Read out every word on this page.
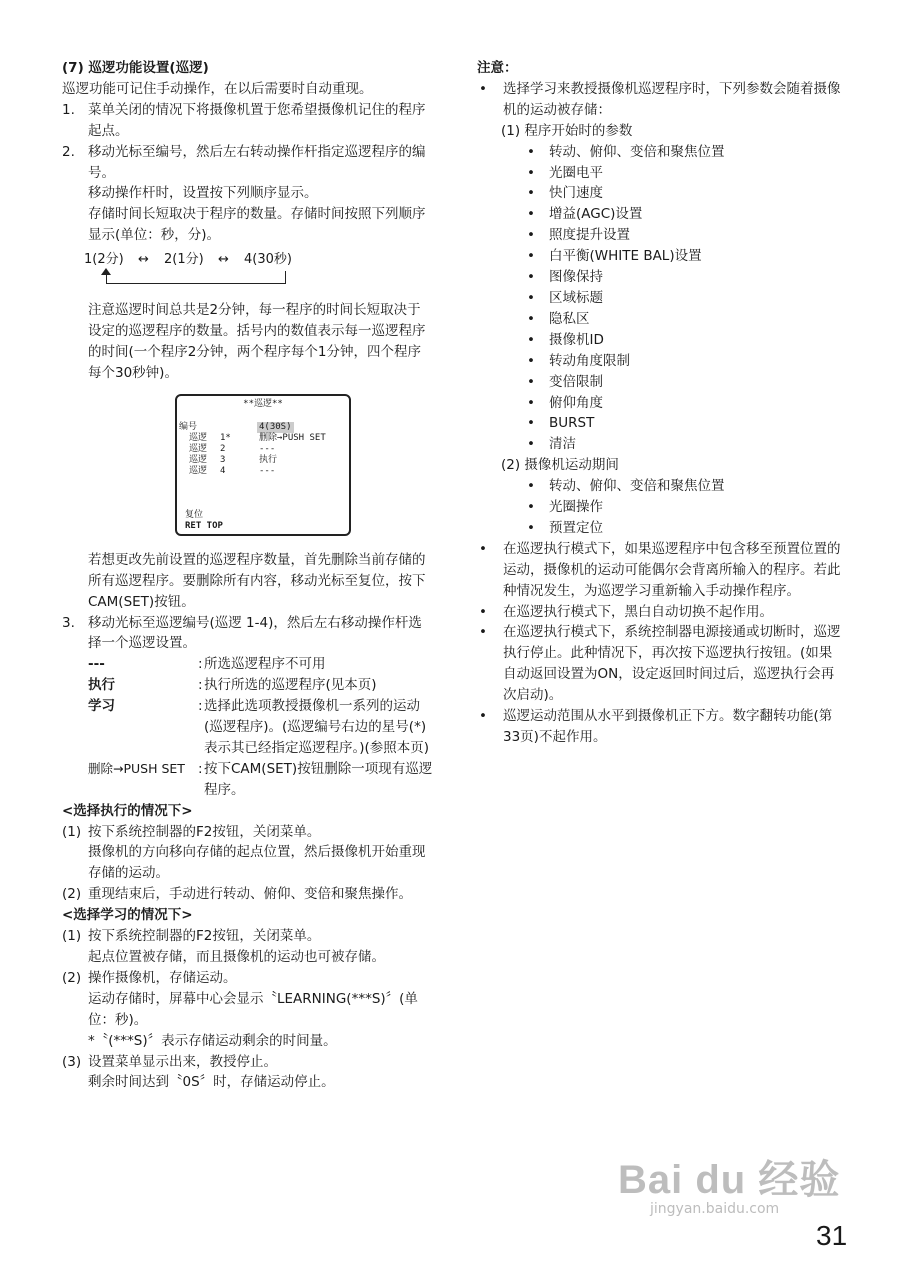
(7) 巡逻功能设置(巡逻)

巡逻功能可记住手动操作，在以后需要时自动重现。

1. 菜单关闭的情况下将摄像机置于您希望摄像机记住的程序起点。

2. 移动光标至编号，然后左右转动操作杆指定巡逻程序的编号。

移动操作杆时，设置按下列顺序显示。

存储时间长短取决于程序的数量。存储时间按照下列顺序显示(单位：秒，分)。

1(2分) ↔ 2(1分) ↔ 4(30秒)

注意巡逻时间总共是2分钟，每一程序的时间长短取决于设定的巡逻程序的数量。括号内的数值表示每一巡逻程序的时间(一个程序2分钟，两个程序每个1分钟，四个程序每个30秒钟)。

**巡逻**
编号	4(30S)
巡逻 1*	删除→PUSH SET
巡逻 2	---
巡逻 3	执行
巡逻 4	---
复位
RET TOP

若想更改先前设置的巡逻程序数量，首先删除当前存储的所有巡逻程序。要删除所有内容，移动光标至复位，按下CAM(SET)按钮。

3. 移动光标至巡逻编号(巡逻 1-4)，然后左右移动操作杆选择一个巡逻设置。

---	: 所选巡逻程序不可用

执行	: 执行所选的巡逻程序(见本页)

学习	: 选择此选项教授摄像机一系列的运动(巡逻程序)。(巡逻编号右边的星号(*)表示其已经指定巡逻程序。)(参照本页)

删除→PUSH SET : 按下CAM(SET)按钮删除一项现有巡逻程序。

<选择执行的情况下>

(1) 按下系统控制器的F2按钮，关闭菜单。

摄像机的方向移向存储的起点位置，然后摄像机开始重现存储的运动。

(2) 重现结束后，手动进行转动、俯仰、变倍和聚焦操作。

<选择学习的情况下>

(1) 按下系统控制器的F2按钮，关闭菜单。

起点位置被存储，而且摄像机的运动也可被存储。

(2) 操作摄像机，存储运动。

运动存储时，屏幕中心会显示〝LEARNING(***S)〞(单位：秒)。

*〝(***S)〞表示存储运动剩余的时间量。

(3) 设置菜单显示出来，教授停止。

剩余时间达到〝0S〞时，存储运动停止。

注意：

• 选择学习来教授摄像机巡逻程序时，下列参数会随着摄像机的运动被存储：

(1) 程序开始时的参数

• 转动、俯仰、变倍和聚焦位置
• 光圈电平
• 快门速度
• 增益(AGC)设置
• 照度提升设置
• 白平衡(WHITE BAL)设置
• 图像保持
• 区域标题
• 隐私区
• 摄像机ID
• 转动角度限制
• 变倍限制
• 俯仰角度
• BURST
• 清洁

(2) 摄像机运动期间

• 转动、俯仰、变倍和聚焦位置
• 光圈操作
• 预置定位
• 在巡逻执行模式下，如果巡逻程序中包含移至预置位置的运动，摄像机的运动可能偶尔会背离所输入的程序。若此种情况发生，为巡逻学习重新输入手动操作程序。

• 在巡逻执行模式下，黑白自动切换不起作用。

• 在巡逻执行模式下，系统控制器电源接通或切断时，巡逻执行停止。此种情况下，再次按下巡逻执行按钮。(如果自动返回设置为ON，设定返回时间过后，巡逻执行会再次启动)。

• 巡逻运动范围从水平到摄像机正下方。数字翻转功能(第33页)不起作用。

Bai du 经验
jingyan.baidu.com
31
